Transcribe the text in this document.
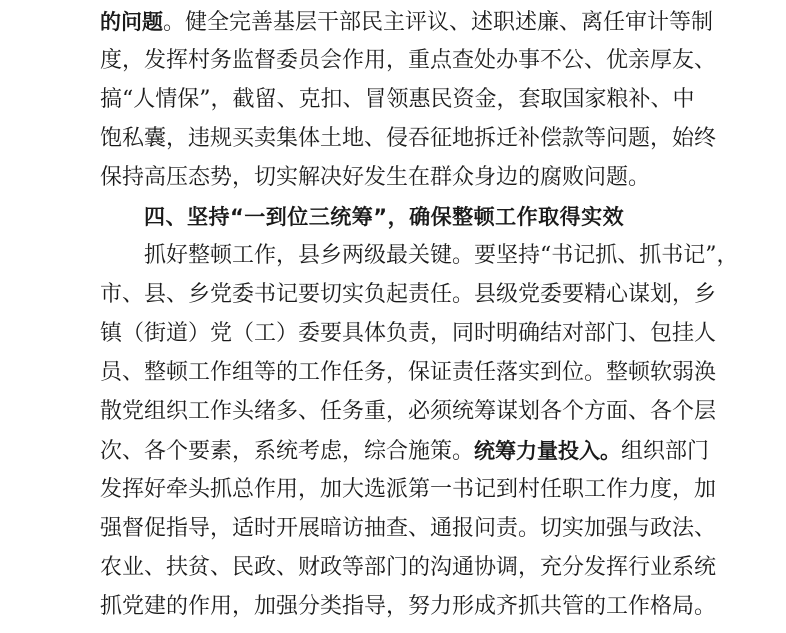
的问题。健全完善基层干部民主评议、述职述廉、离任审计等制
度，发挥村务监督委员会作用，重点查处办事不公、优亲厚友、
搞“人情保”，截留、克扣、冒领惠民资金，套取国家粮补、中
饱私囊，违规买卖集体土地、侵吞征地拆迁补偿款等问题，始终
保持高压态势，切实解决好发生在群众身边的腐败问题。
四、坚持“一到位三统筹”，确保整顿工作取得实效
抓好整顿工作，县乡两级最关键。要坚持“书记抓、抓书记”，
市、县、乡党委书记要切实负起责任。县级党委要精心谋划，乡
镇（街道）党（工）委要具体负责，同时明确结对部门、包挂人
员、整顿工作组等的工作任务，保证责任落实到位。整顿软弱涣
散党组织工作头绪多、任务重，必须统筹谋划各个方面、各个层
次、各个要素，系统考虑，综合施策。统筹力量投入。组织部门
发挥好牵头抓总作用，加大选派第一书记到村任职工作力度，加
强督促指导，适时开展暗访抽查、通报问责。切实加强与政法、
农业、扶贫、民政、财政等部门的沟通协调，充分发挥行业系统
抓党建的作用，加强分类指导，努力形成齐抓共管的工作格局。
